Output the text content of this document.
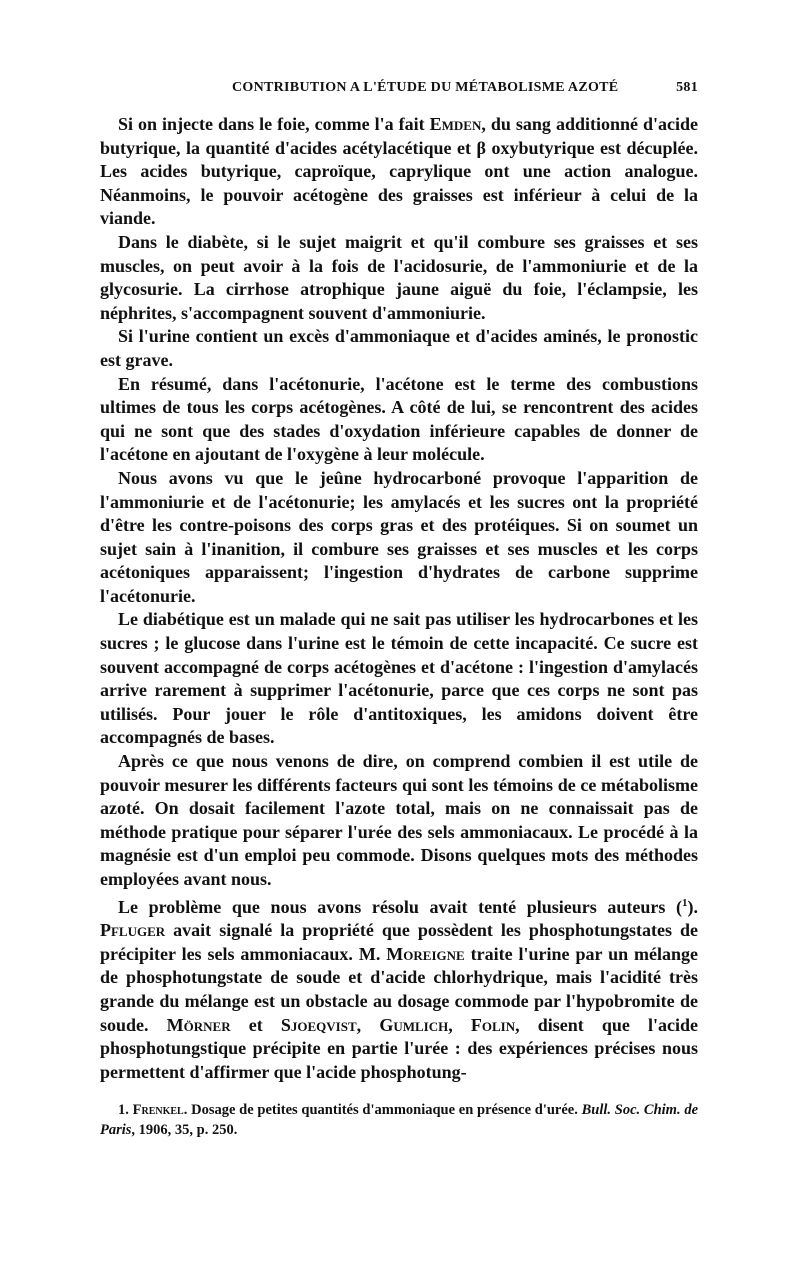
CONTRIBUTION A L'ÉTUDE DU MÉTABOLISME AZOTÉ	581

Si on injecte dans le foie, comme l'a fait Emden, du sang additionné d'acide butyrique, la quantité d'acides acétylacétique et β oxybutyrique est décuplée. Les acides butyrique, caproïque, caprylique ont une action analogue. Néanmoins, le pouvoir acétogène des graisses est inférieur à celui de la viande.

Dans le diabète, si le sujet maigrit et qu'il combure ses graisses et ses muscles, on peut avoir à la fois de l'acidosurie, de l'ammoniurie et de la glycosurie. La cirrhose atrophique jaune aiguë du foie, l'éclampsie, les néphrites, s'accompagnent souvent d'ammoniurie.

Si l'urine contient un excès d'ammoniaque et d'acides aminés, le pronostic est grave.

En résumé, dans l'acétonurie, l'acétone est le terme des combustions ultimes de tous les corps acétogènes. A côté de lui, se rencontrent des acides qui ne sont que des stades d'oxydation inférieure capables de donner de l'acétone en ajoutant de l'oxygène à leur molécule.

Nous avons vu que le jeûne hydrocarboné provoque l'apparition de l'ammoniurie et de l'acétonurie; les amylacés et les sucres ont la propriété d'être les contre-poisons des corps gras et des protéiques. Si on soumet un sujet sain à l'inanition, il combure ses graisses et ses muscles et les corps acétoniques apparaissent; l'ingestion d'hydrates de carbone supprime l'acétonurie.

Le diabétique est un malade qui ne sait pas utiliser les hydrocarbones et les sucres ; le glucose dans l'urine est le témoin de cette incapacité. Ce sucre est souvent accompagné de corps acétogènes et d'acétone : l'ingestion d'amylacés arrive rarement à supprimer l'acétonurie, parce que ces corps ne sont pas utilisés. Pour jouer le rôle d'antitoxiques, les amidons doivent être accompagnés de bases.

Après ce que nous venons de dire, on comprend combien il est utile de pouvoir mesurer les différents facteurs qui sont les témoins de ce métabolisme azoté. On dosait facilement l'azote total, mais on ne connaissait pas de méthode pratique pour séparer l'urée des sels ammoniacaux. Le procédé à la magnésie est d'un emploi peu commode. Disons quelques mots des méthodes employées avant nous.

Le problème que nous avons résolu avait tenté plusieurs auteurs ($^1$). Pfluger avait signalé la propriété que possèdent les phosphotungstates de précipiter les sels ammoniacaux. M. Moreigne traite l'urine par un mélange de phosphotungstate de soude et d'acide chlorhydrique, mais l'acidité très grande du mélange est un obstacle au dosage commode par l'hypobromite de soude. Mörner et Sjoeqvist, Gumlich, Folin, disent que l'acide phosphotungstique précipite en partie l'urée : des expériences précises nous permettent d'affirmer que l'acide phosphotung-

1. Frenkel. Dosage de petites quantités d'ammoniaque en présence d'urée. Bull. Soc. Chim. de Paris, 1906, 35, p. 250.
